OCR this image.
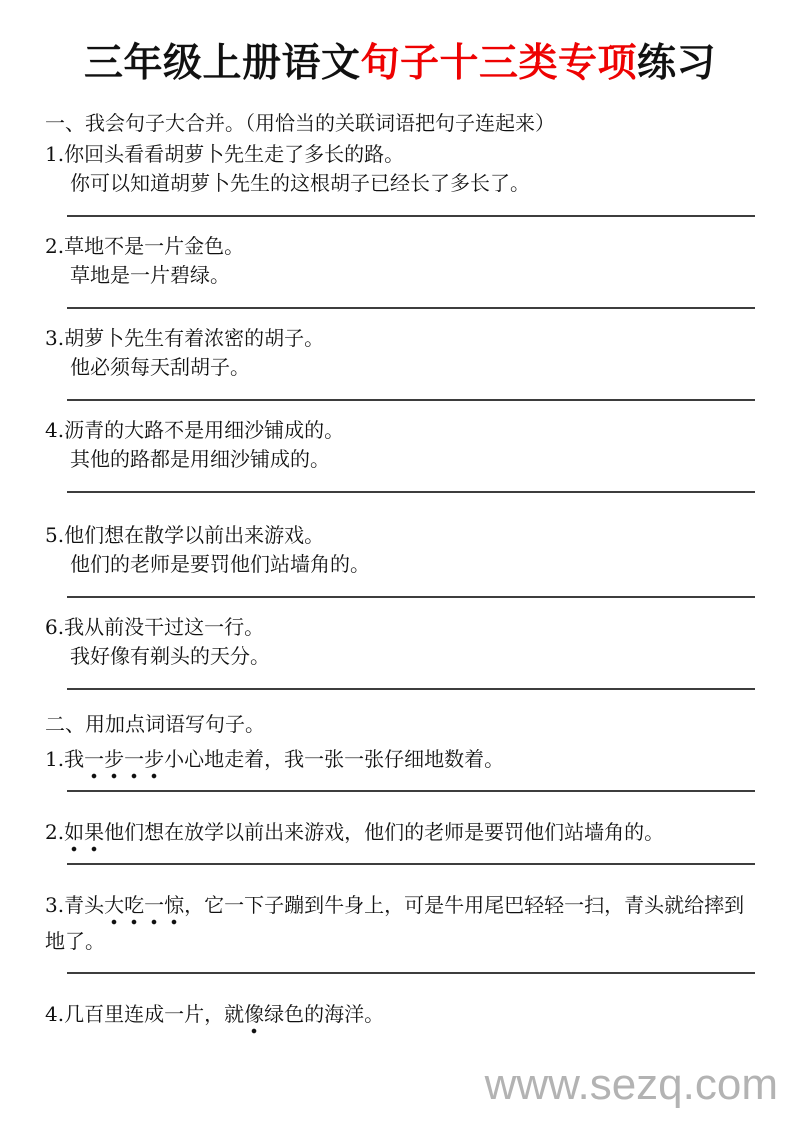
三年级上册语文句子十三类专项练习
一、我会句子大合并。（用恰当的关联词语把句子连起来）
1.你回头看看胡萝卜先生走了多长的路。
你可以知道胡萝卜先生的这根胡子已经长了多长了。
2.草地不是一片金色。
草地是一片碧绿。
3.胡萝卜先生有着浓密的胡子。
他必须每天刮胡子。
4.沥青的大路不是用细沙铺成的。
其他的路都是用细沙铺成的。
5.他们想在散学以前出来游戏。
他们的老师是要罚他们站墙角的。
6.我从前没干过这一行。
我好像有剃头的天分。
二、用加点词语写句子。
1.我一步一步小心地走着，我一张一张仔细地数着。
2.如果他们想在放学以前出来游戏，他们的老师是要罚他们站墙角的。
3.青头大吃一惊，它一下子蹦到牛身上，可是牛用尾巴轻轻一扫，青头就给摔到地了。
4.几百里连成一片，就像绿色的海洋。
www.sezq.com
